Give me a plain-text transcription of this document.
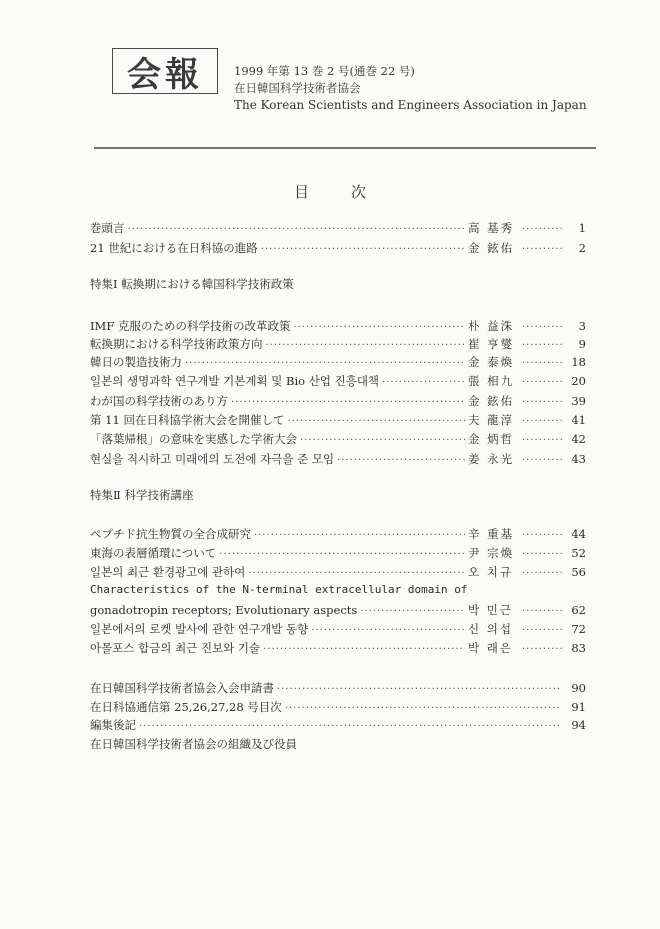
会報	1999 年第 13 巻 2 号(通巻 22 号)
在日韓国科学技術者協会
The Korean Scientists and Engineers Association in Japan
目次
巻頭言 ·····	高 基秀 ·····	1
21 世紀における在日科協の進路 ·····	金 鉉佑 ·····	2
特集Ⅰ 転換期における韓国科学技術政策
IMF 克服のための科学技術の改革政策 ·····	朴 益洙 ·····	3
転換期における科学技術政策方向 ·····	崔 亨燮 ·····	9
韓日の製造技術力 ·····	金 泰煥 ·····	18
일본의 생명과학 연구개발 기본계획 및 Bio 산업 진흥대책 ·····	張 相九 ·····	20
わが国の科学技術のあり方 ·····	金 鉉佑 ·····	39
第 11 回在日科協学術大会を開催して ·····	夫 龍淳 ·····	41
「落葉帰根」の意味を実感した学術大会 ·····	金 炳哲 ·····	42
현실을 직시하고 미래에의 도전에 자극을 준 모임 ·····	姜 永光 ·····	43
特集Ⅱ 科学技術講座
ペプチド抗生物質の全合成研究 ·····	辛 重基 ·····	44
東海の表層循環について ·····	尹 宗煥 ·····	52
일본의 최근 환경광고에 관하여 ·····	오 치규 ·····	56
Characteristics of the N-terminal extracellular domain of
gonadotropin receptors; Evolutionary aspects ·····	박 민근 ·····	62
일본에서의 로켓 발사에 관한 연구개발 동향 ·····	신 의섭 ·····	72
아몰포스 합금의 최근 진보와 기술 ·····	박 래은 ·····	83
在日韓国科学技術者協会入会申請書 ·····	90
在日科協通信第 25,26,27,28 号目次 ·····	91
編集後記 ·····	94
在日韓国科学技術者協会の組織及び役員
